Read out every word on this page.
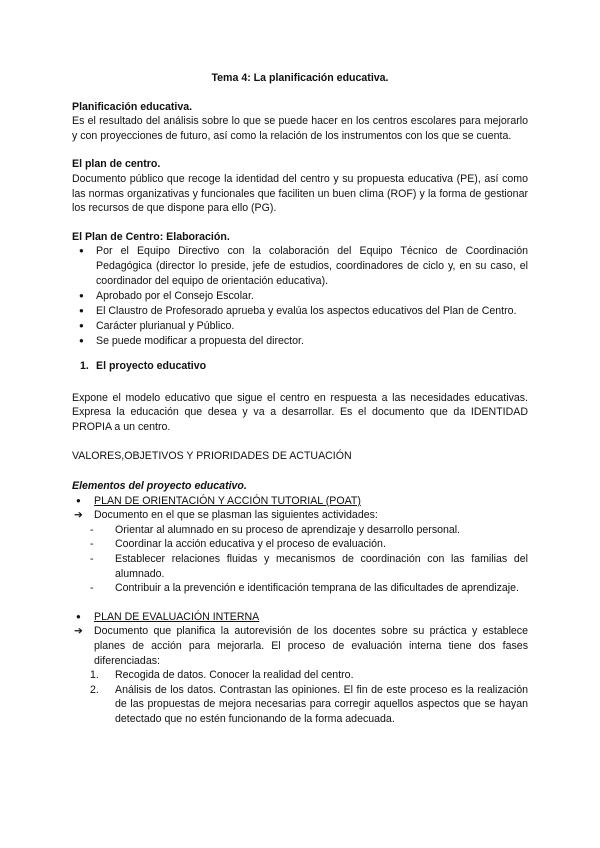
Tema 4: La planificación educativa.

Planificación educativa.

Es el resultado del análisis sobre lo que se puede hacer en los centros escolares para mejorarlo y con proyecciones de futuro, así como la relación de los instrumentos con los que se cuenta.

El plan de centro.

Documento público que recoge la identidad del centro y su propuesta educativa (PE), así como las normas organizativas y funcionales que faciliten un buen clima (ROF) y la forma de gestionar los recursos de que dispone para ello (PG).

El Plan de Centro: Elaboración.

● Por el Equipo Directivo con la colaboración del Equipo Técnico de Coordinación Pedagógica (director lo preside, jefe de estudios, coordinadores de ciclo y, en su caso, el coordinador del equipo de orientación educativa).
● Aprobado por el Consejo Escolar.
● El Claustro de Profesorado aprueba y evalúa los aspectos educativos del Plan de Centro.
● Carácter plurianual y Público.
● Se puede modificar a propuesta del director.

1. El proyecto educativo

Expone el modelo educativo que sigue el centro en respuesta a las necesidades educativas. Expresa la educación que desea y va a desarrollar. Es el documento que da IDENTIDAD PROPIA a un centro.

VALORES,OBJETIVOS Y PRIORIDADES DE ACTUACIÓN

Elementos del proyecto educativo.

● PLAN DE ORIENTACIÓN Y ACCIÓN TUTORIAL (POAT)
➔ Documento en el que se plasman las siguientes actividades:
- Orientar al alumnado en su proceso de aprendizaje y desarrollo personal.
- Coordinar la acción educativa y el proceso de evaluación.
- Establecer relaciones fluidas y mecanismos de coordinación con las familias del alumnado.
- Contribuir a la prevención e identificación temprana de las dificultades de aprendizaje.
● PLAN DE EVALUACIÓN INTERNA
➔ Documento que planifica la autorevisión de los docentes sobre su práctica y establece planes de acción para mejorarla. El proceso de evaluación interna tiene dos fases diferenciadas:
1. Recogida de datos. Conocer la realidad del centro.
2. Análisis de los datos. Contrastan las opiniones. El fin de este proceso es la realización de las propuestas de mejora necesarias para corregir aquellos aspectos que se hayan detectado que no estén funcionando de la forma adecuada.
